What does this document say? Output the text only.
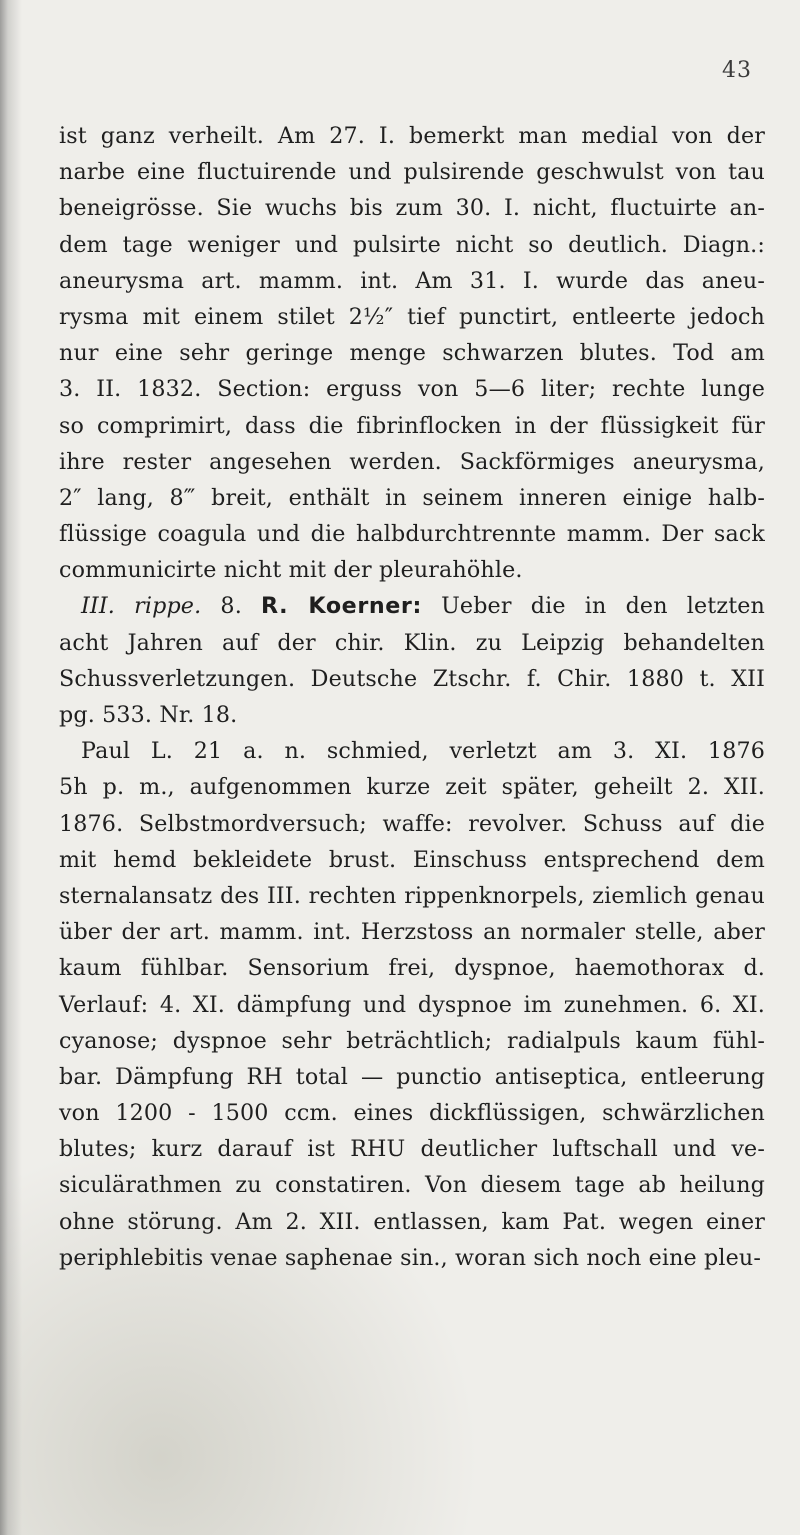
43
ist ganz verheilt. Am 27. I. bemerkt man medial von der
narbe eine fluctuirende und pulsirende geschwulst von tau
beneigrösse. Sie wuchs bis zum 30. I. nicht, fluctuirte an-
dem tage weniger und pulsirte nicht so deutlich. Diagn.:
aneurysma art. mamm. int. Am 31. I. wurde das aneu-
rysma mit einem stilet 2½″ tief punctirt, entleerte jedoch
nur eine sehr geringe menge schwarzen blutes. Tod am
3. II. 1832. Section: erguss von 5—6 liter; rechte lunge
so comprimirt, dass die fibrinflocken in der flüssigkeit für
ihre rester angesehen werden. Sackförmiges aneurysma,
2″ lang, 8‴ breit, enthält in seinem inneren einige halb-
flüssige coagula und die halbdurchtrennte mamm. Der sack
communicirte nicht mit der pleurahöhle.
III. rippe. 8. R. Koerner: Ueber die in den letzten
acht Jahren auf der chir. Klin. zu Leipzig behandelten
Schussverletzungen. Deutsche Ztschr. f. Chir. 1880 t. XII
pg. 533. Nr. 18.
Paul L. 21 a. n. schmied, verletzt am 3. XI. 1876
5h p. m., aufgenommen kurze zeit später, geheilt 2. XII.
1876. Selbstmordversuch; waffe: revolver. Schuss auf die
mit hemd bekleidete brust. Einschuss entsprechend dem
sternalansatz des III. rechten rippenknorpels, ziemlich genau
über der art. mamm. int. Herzstoss an normaler stelle, aber
kaum fühlbar. Sensorium frei, dyspnoe, haemothorax d.
Verlauf: 4. XI. dämpfung und dyspnoe im zunehmen. 6. XI.
cyanose; dyspnoe sehr beträchtlich; radialpuls kaum fühl-
bar. Dämpfung RH total — punctio antiseptica, entleerung
von 1200 - 1500 ccm. eines dickflüssigen, schwärzlichen
blutes; kurz darauf ist RHU deutlicher luftschall und ve-
siculärathmen zu constatiren. Von diesem tage ab heilung
ohne störung. Am 2. XII. entlassen, kam Pat. wegen einer
periphlebitis venae saphenae sin., woran sich noch eine pleu-
